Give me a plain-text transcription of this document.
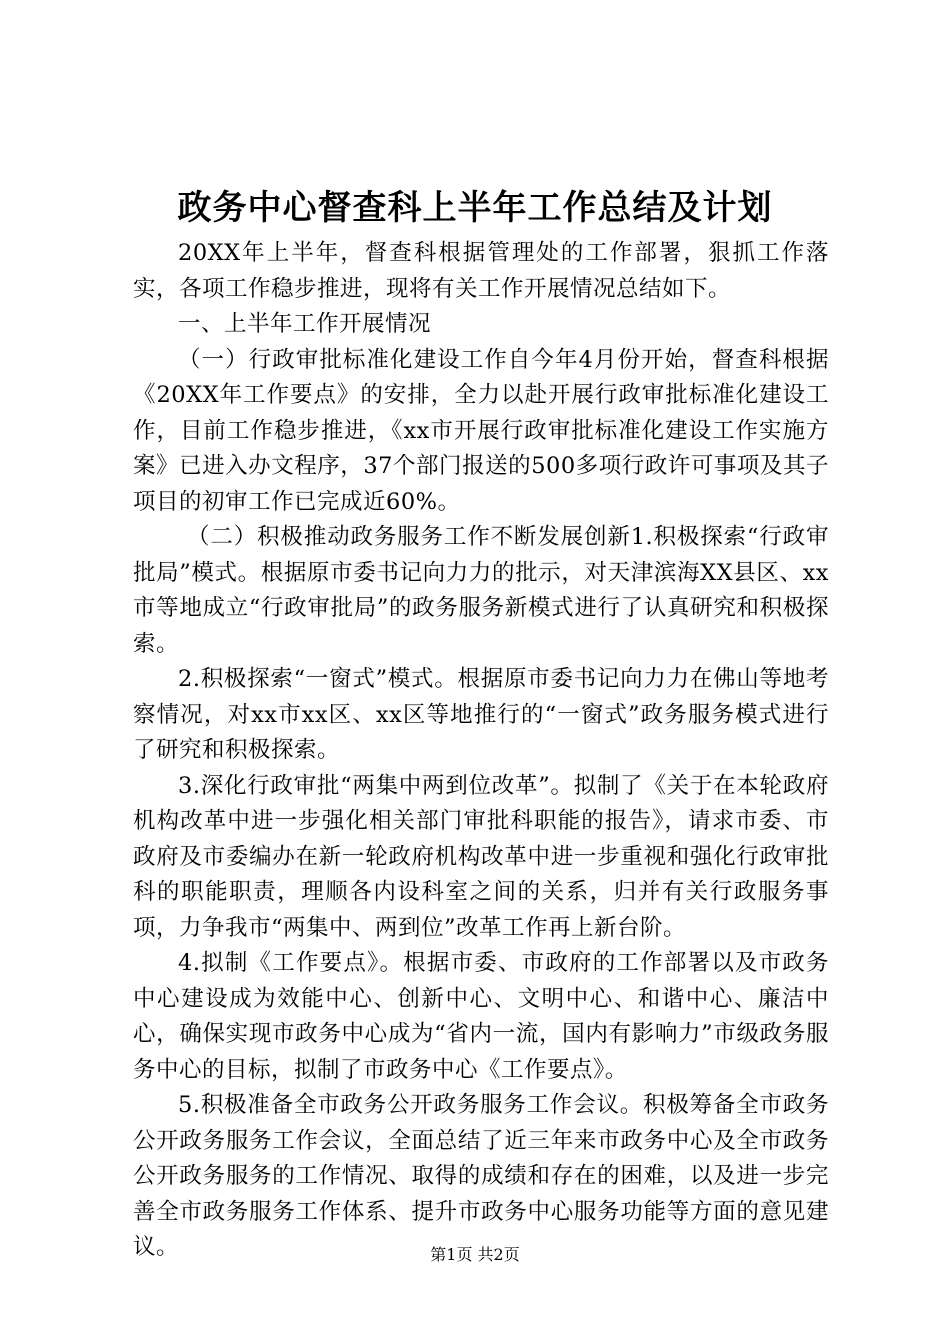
政务中心督查科上半年工作总结及计划

20XX年上半年，督查科根据管理处的工作部署，狠抓工作落实，各项工作稳步推进，现将有关工作开展情况总结如下。

一、上半年工作开展情况

（一）行政审批标准化建设工作自今年4月份开始，督查科根据《20XX年工作要点》的安排，全力以赴开展行政审批标准化建设工作，目前工作稳步推进，《xx市开展行政审批标准化建设工作实施方案》已进入办文程序，37个部门报送的500多项行政许可事项及其子项目的初审工作已完成近60%。

（二）积极推动政务服务工作不断发展创新1.积极探索“行政审批局”模式。根据原市委书记向力力的批示，对天津滨海XX县区、xx市等地成立“行政审批局”的政务服务新模式进行了认真研究和积极探索。

2.积极探索“一窗式”模式。根据原市委书记向力力在佛山等地考察情况，对xx市xx区、xx区等地推行的“一窗式”政务服务模式进行了研究和积极探索。

3.深化行政审批“两集中两到位改革”。拟制了《关于在本轮政府机构改革中进一步强化相关部门审批科职能的报告》，请求市委、市政府及市委编办在新一轮政府机构改革中进一步重视和强化行政审批科的职能职责，理顺各内设科室之间的关系，归并有关行政服务事项，力争我市“两集中、两到位”改革工作再上新台阶。

4.拟制《工作要点》。根据市委、市政府的工作部署以及市政务中心建设成为效能中心、创新中心、文明中心、和谐中心、廉洁中心，确保实现市政务中心成为“省内一流，国内有影响力”市级政务服务中心的目标，拟制了市政务中心《工作要点》。

5.积极准备全市政务公开政务服务工作会议。积极筹备全市政务公开政务服务工作会议，全面总结了近三年来市政务中心及全市政务公开政务服务的工作情况、取得的成绩和存在的困难，以及进一步完善全市政务服务工作体系、提升市政务中心服务功能等方面的意见建议。	第1页 共2页
